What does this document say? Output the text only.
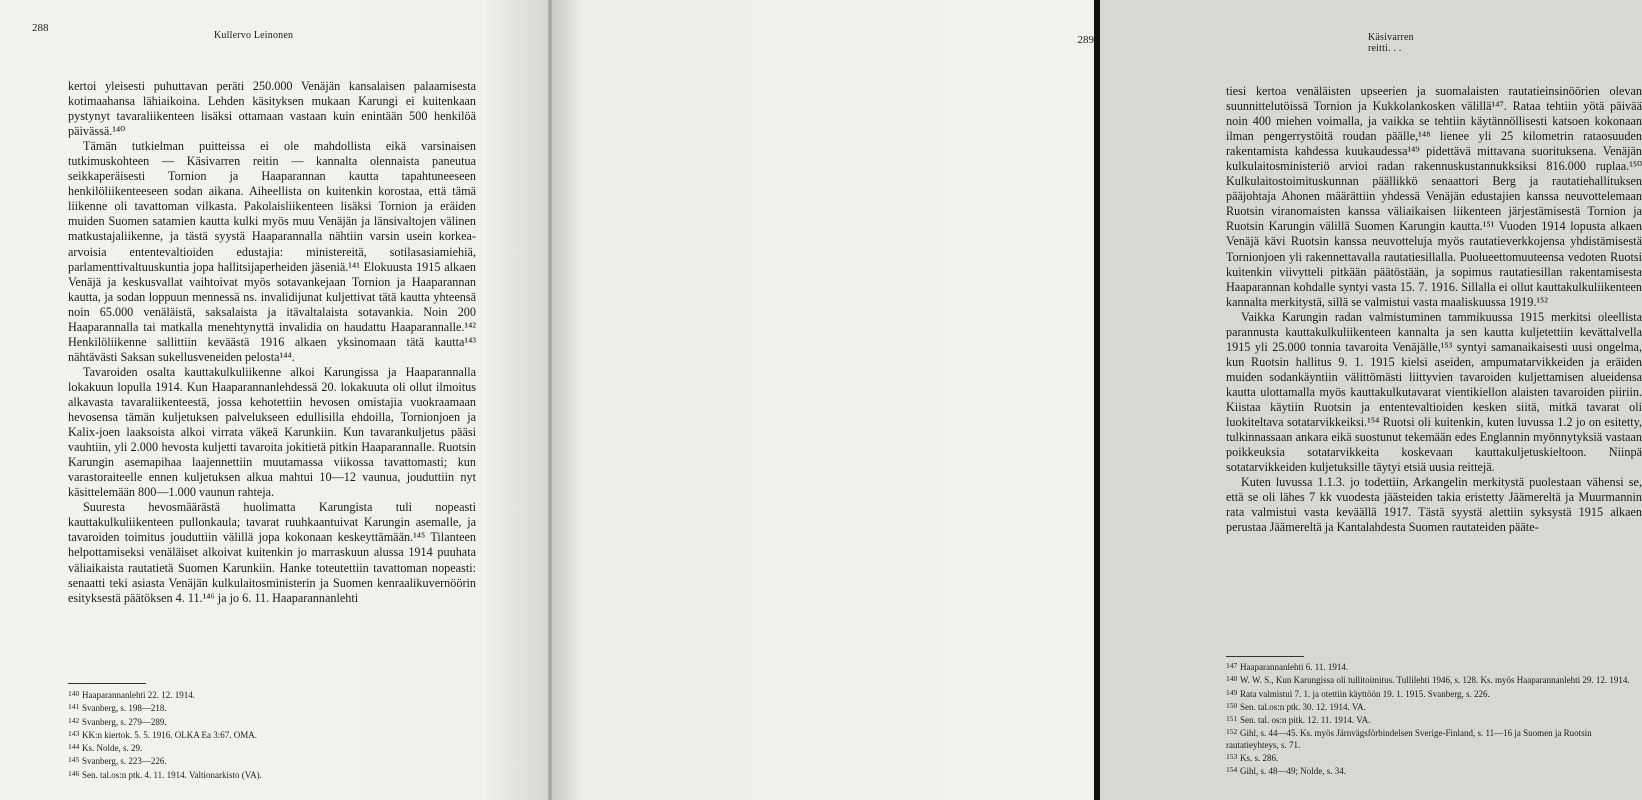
288
Kullervo Leinonen

kertoi yleisesti puhuttavan peräti 250.000 Venäjän kansalaisen palaamisesta kotimaahansa lähiaikoina. Lehden käsityksen mukaan Karungi ei kuitenkaan pystynyt tavaraliikenteen lisäksi ottamaan vastaan kuin enintään 500 henkilöä päivässä.¹⁴⁰

Tämän tutkielman puitteissa ei ole mahdollista eikä varsinaisen tutkimuskohteen — Käsivarren reitin — kannalta olennaista paneutua seikkaperäisesti Tornion ja Haaparannan kautta tapahtuneeseen henkilöliikenteeseen sodan aikana. Aiheellista on kuitenkin korostaa, että tämä liikenne oli tavattoman vilkasta. Pakolaisliikenteen lisäksi Tornion ja eräiden muiden Suomen satamien kautta kulki myös muu Venäjän ja länsivaltojen välinen matkustajaliikenne, ja tästä syystä Haaparannalla nähtiin varsin usein korkea-arvoisia ententevaltioiden edustajia: ministereitä, sotilasasiamiehiä, parlamenttivaltuuskuntia jopa hallitsijaperheiden jäseniä.¹⁴¹ Elokuusta 1915 alkaen Venäjä ja keskusvallat vaihtoivat myös sotavankejaan Tornion ja Haaparannan kautta, ja sodan loppuun mennessä ns. invalidijunat kuljettivat tätä kautta yhteensä noin 65.000 venäläistä, saksalaista ja itävaltalaista sotavankia. Noin 200 Haaparannalla tai matkalla menehtynyttä invalidia on haudattu Haaparannalle.¹⁴² Henkilöliikenne sallittiin keväästä 1916 alkaen yksinomaan tätä kautta¹⁴³ nähtävästi Saksan sukellusveneiden pelosta¹⁴⁴.

Tavaroiden osalta kauttakulkuliikenne alkoi Karungissa ja Haaparannalla lokakuun lopulla 1914. Kun Haaparannanlehdessä 20. lokakuuta oli ollut ilmoitus alkavasta tavaraliikenteestä, jossa kehotettiin hevosen omistajia vuokraamaan hevosensa tämän kuljetuksen palvelukseen edullisilla ehdoilla, Tornionjoen ja Kalix-joen laaksoista alkoi virrata väkeä Karunkiin. Kun tavarankuljetus pääsi vauhtiin, yli 2.000 hevosta kuljetti tavaroita jokitietä pitkin Haaparannalle. Ruotsin Karungin asemapihaa laajennettiin muutamassa viikossa tavattomasti; kun varastoraiteelle ennen kuljetuksen alkua mahtui 10—12 vaunua, jouduttiin nyt käsittelemään 800—1.000 vaunun rahteja.

Suuresta hevosmäärästä huolimatta Karungista tuli nopeasti kauttakulkuliikenteen pullonkaula; tavarat ruuhkaantuivat Karungin asemalle, ja tavaroiden toimitus jouduttiin välillä jopa kokonaan keskeyttämään.¹⁴⁵ Tilanteen helpottamiseksi venäläiset alkoivat kuitenkin jo marraskuun alussa 1914 puuhata väliaikaista rautatietä Suomen Karunkiin. Hanke toteutettiin tavattoman nopeasti: senaatti teki asiasta Venäjän kulkulaitosministerin ja Suomen kenraalikuvernöörin esityksestä päätöksen 4. 11.¹⁴⁶ ja jo 6. 11. Haaparannanlehti

140 Haaparannanlehti 22. 12. 1914.
141 Svanberg, s. 198—218.
142 Svanberg, s. 279—289.
143 KK:n kiertok. 5. 5. 1916. OLKA Ea 3:67. OMA.
144 Ks. Nolde, s. 29.
145 Svanberg, s. 223—226.
146 Sen. tal.os:n ptk. 4. 11. 1914. Valtionarkisto (VA).
Käsivarren reitti. . .
289

tiesi kertoa venäläisten upseerien ja suomalaisten rautatieinsinöörien olevan suunnittelutöissä Tornion ja Kukkolankosken välillä¹⁴⁷. Rataa tehtiin yötä päivää noin 400 miehen voimalla, ja vaikka se tehtiin käytännöllisesti katsoen kokonaan ilman pengerrystöitä roudan päälle,¹⁴⁸ lienee yli 25 kilometrin rataosuuden rakentamista kahdessa kuukaudessa¹⁴⁹ pidettävä mittavana suorituksena. Venäjän kulkulaitosministeriö arvioi radan rakennuskustannukksiksi 816.000 ruplaa.¹⁵⁰ Kulkulaitostoimituskunnan päällikkö senaattori Berg ja rautatiehallituksen pääjohtaja Ahonen määrättiin yhdessä Venäjän edustajien kanssa neuvottelemaan Ruotsin viranomaisten kanssa väliaikaisen liikenteen järjestämisestä Tornion ja Ruotsin Karungin välillä Suomen Karungin kautta.¹⁵¹ Vuoden 1914 lopusta alkaen Venäjä kävi Ruotsin kanssa neuvotteluja myös rautatieverkkojensa yhdistämisestä Tornionjoen yli rakennettavalla rautatiesillalla. Puolueettomuuteensa vedoten Ruotsi kuitenkin viivytteli pitkään päätöstään, ja sopimus rautatiesillan rakentamisesta Haaparannan kohdalle syntyi vasta 15. 7. 1916. Sillalla ei ollut kauttakulkuliikenteen kannalta merkitystä, sillä se valmistui vasta maaliskuussa 1919.¹⁵²

Vaikka Karungin radan valmistuminen tammikuussa 1915 merkitsi oleellista parannusta kauttakulkuliikenteen kannalta ja sen kautta kuljetettiin kevättalvella 1915 yli 25.000 tonnia tavaroita Venäjälle,¹⁵³ syntyi samanaikaisesti uusi ongelma, kun Ruotsin hallitus 9. 1. 1915 kielsi aseiden, ampumatarvikkeiden ja eräiden muiden sodankäyntiin välittömästi liittyvien tavaroiden kuljettamisen alueidensa kautta ulottamalla myös kauttakulkutavarat vientikiellon alaisten tavaroiden piiriin. Kiistaa käytiin Ruotsin ja ententevaltioiden kesken siitä, mitkä tavarat oli luokiteltava sotatarvikkeiksi.¹⁵⁴ Ruotsi oli kuitenkin, kuten luvussa 1.2 jo on esitetty, tulkinnassaan ankara eikä suostunut tekemään edes Englannin myönnytyksiä vastaan poikkeuksia sotatarvikkeita koskevaan kauttakuljetuskieltoon. Niinpä sotatarvikkeiden kuljetuksille täytyi etsiä uusia reittejä.

Kuten luvussa 1.1.3. jo todettiin, Arkangelin merkitystä puolestaan vähensi se, että se oli lähes 7 kk vuodesta jäästeiden takia eristetty Jäämereltä ja Muurmannin rata valmistui vasta keväällä 1917. Tästä syystä alettiin syksystä 1915 alkaen perustaa Jäämereltä ja Kantalahdesta Suomen rautateiden pääte-

147 Haaparannanlehti 6. 11. 1914.
148 W. W. S., Kun Karungissa oli tullitoimitus. Tullilehti 1946, s. 128. Ks. myös Haaparannanlehti 29. 12. 1914.
149 Rata valmistui 7. 1. ja otettiin käyttöön 19. 1. 1915. Svanberg, s. 226.
150 Sen. tal.os:n ptk. 30. 12. 1914. VA.
151 Sen. tal. os:n pitk. 12. 11. 1914. VA.
152 Gihl, s. 44—45. Ks. myös Järnvägsförbindelsen Sverige-Finland, s. 11—16 ja Suomen ja Ruotsin rautatieyhteys, s. 71.
153 Ks. s. 286.
154 Gihl, s. 48—49; Nolde, s. 34.
